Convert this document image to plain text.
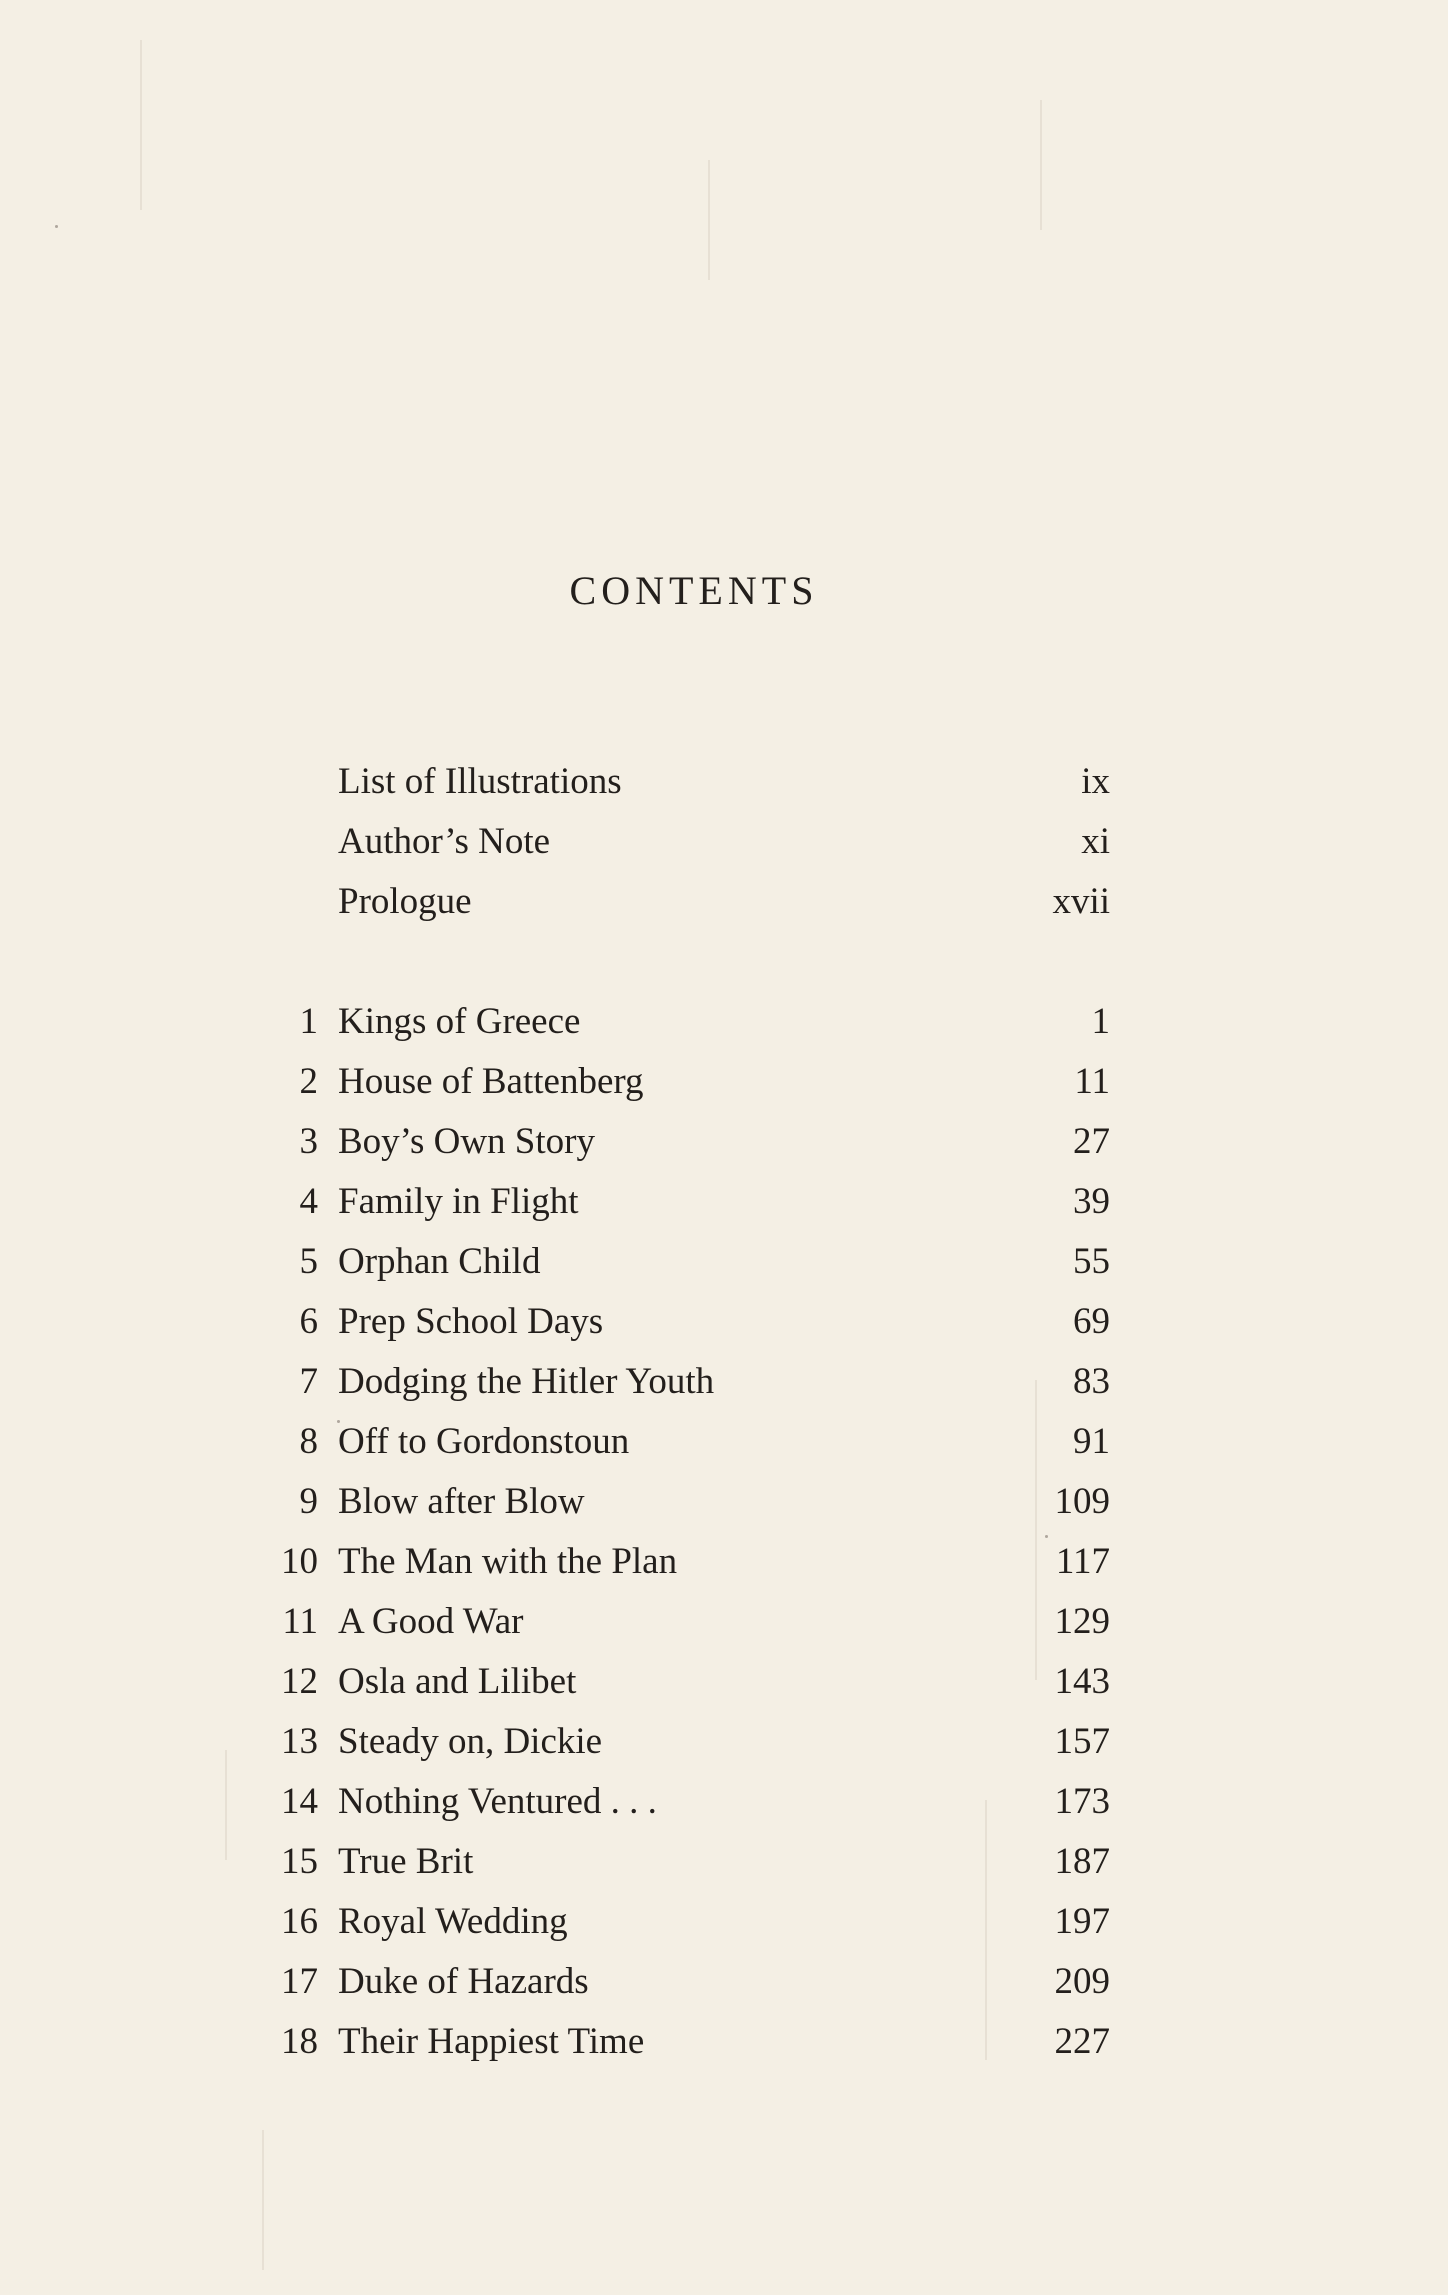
CONTENTS
List of Illustrations	ix
Author’s Note	xi
Prologue	xvii
1 Kings of Greece	1
2 House of Battenberg	11
3 Boy’s Own Story	27
4 Family in Flight	39
5 Orphan Child	55
6 Prep School Days	69
7 Dodging the Hitler Youth	83
8 Off to Gordonstoun	91
9 Blow after Blow	109
10 The Man with the Plan	117
11 A Good War	129
12 Osla and Lilibet	143
13 Steady on, Dickie	157
14 Nothing Ventured . . .	173
15 True Brit	187
16 Royal Wedding	197
17 Duke of Hazards	209
18 Their Happiest Time	227
